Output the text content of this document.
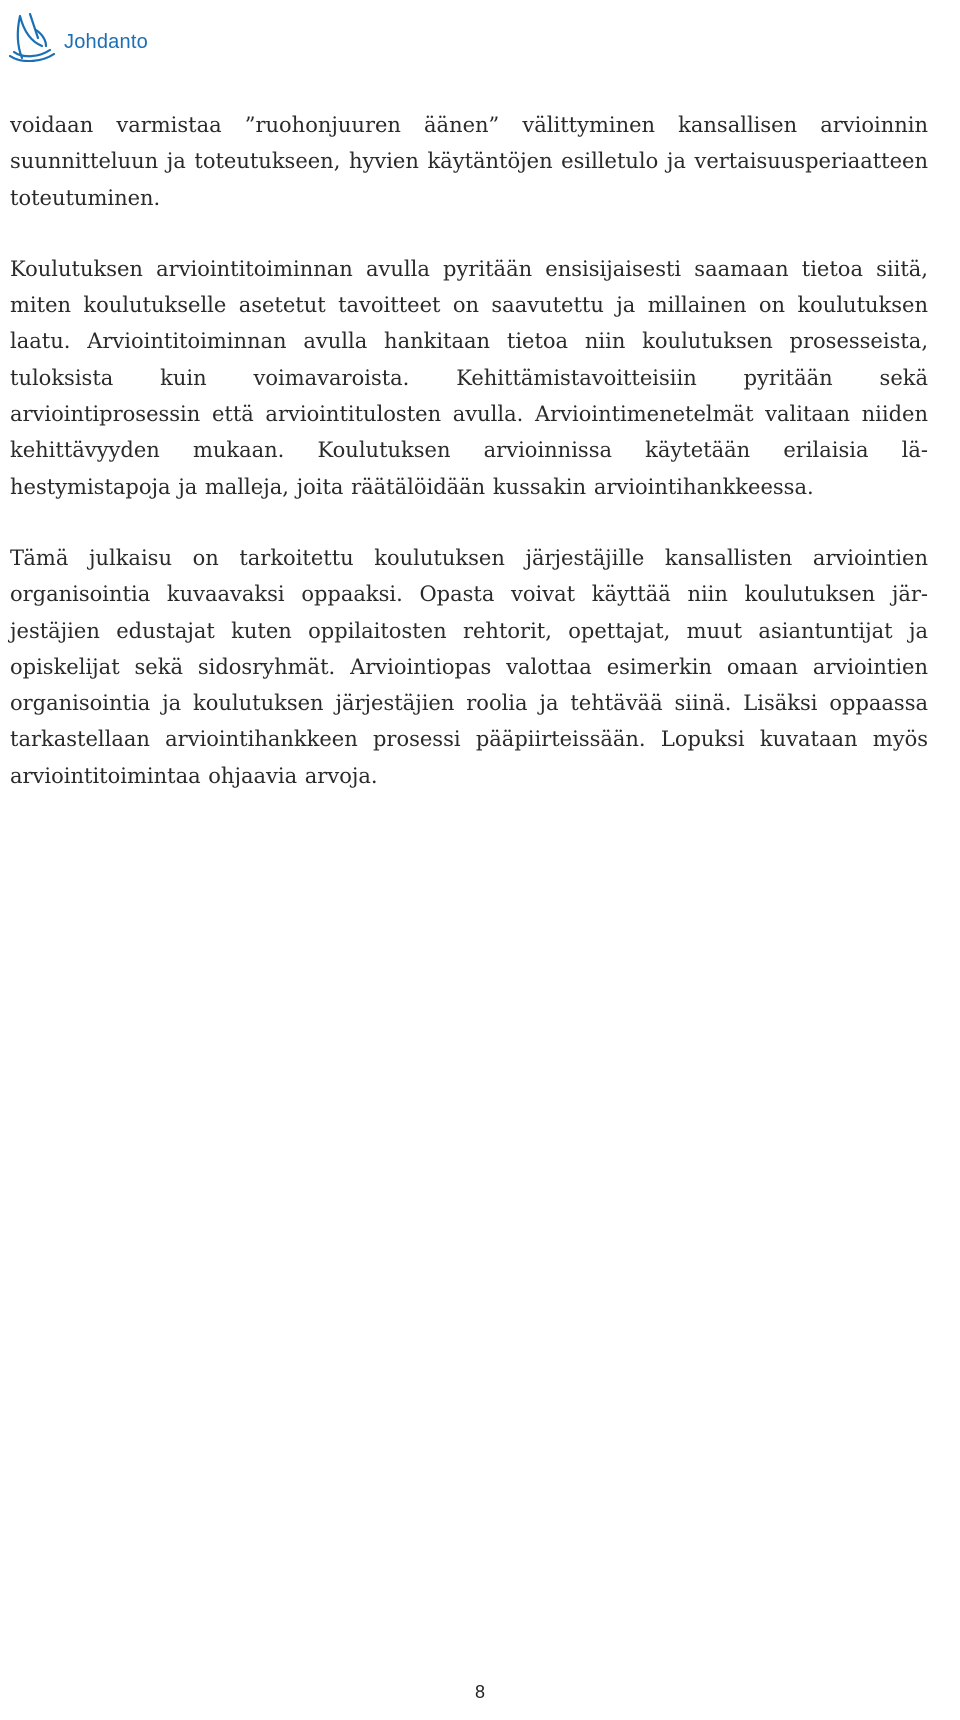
Johdanto

voidaan varmistaa ”ruohonjuuren äänen” välittyminen kansallisen arvioinnin suunnitteluun ja toteutukseen, hyvien käytäntöjen esilletulo ja vertaisuusperiaatteen toteutuminen.

Koulutuksen arviointitoiminnan avulla pyritään ensisijaisesti saamaan tietoa siitä, miten koulutukselle asetetut tavoitteet on saavutettu ja millainen on koulutuksen laatu. Arviointitoiminnan avulla hankitaan tietoa niin koulutuksen prosesseista, tuloksista kuin voimavaroista. Kehittämistavoitteisiin pyritään sekä arviointiprosessin että arviointitulosten avulla. Arviointimenetelmät valitaan niiden kehittävyyden mukaan. Koulutuksen arvioinnissa käytetään erilaisia lähestymistapoja ja malleja, joita räätälöidään kussakin arviointihankkeessa.

Tämä julkaisu on tarkoitettu koulutuksen järjestäjille kansallisten arviointien organisointia kuvaavaksi oppaaksi. Opasta voivat käyttää niin koulutuksen järjestäjien edustajat kuten oppilaitosten rehtorit, opettajat, muut asiantuntijat ja opiskelijat sekä sidosryhmät. Arviointiopas valottaa esimerkin omaan arviointien organisointia ja koulutuksen järjestäjien roolia ja tehtävää siinä. Lisäksi oppaassa tarkastellaan arviointihankkeen prosessi pääpiirteissään. Lopuksi kuvataan myös arviointitoimintaa ohjaavia arvoja.

8
